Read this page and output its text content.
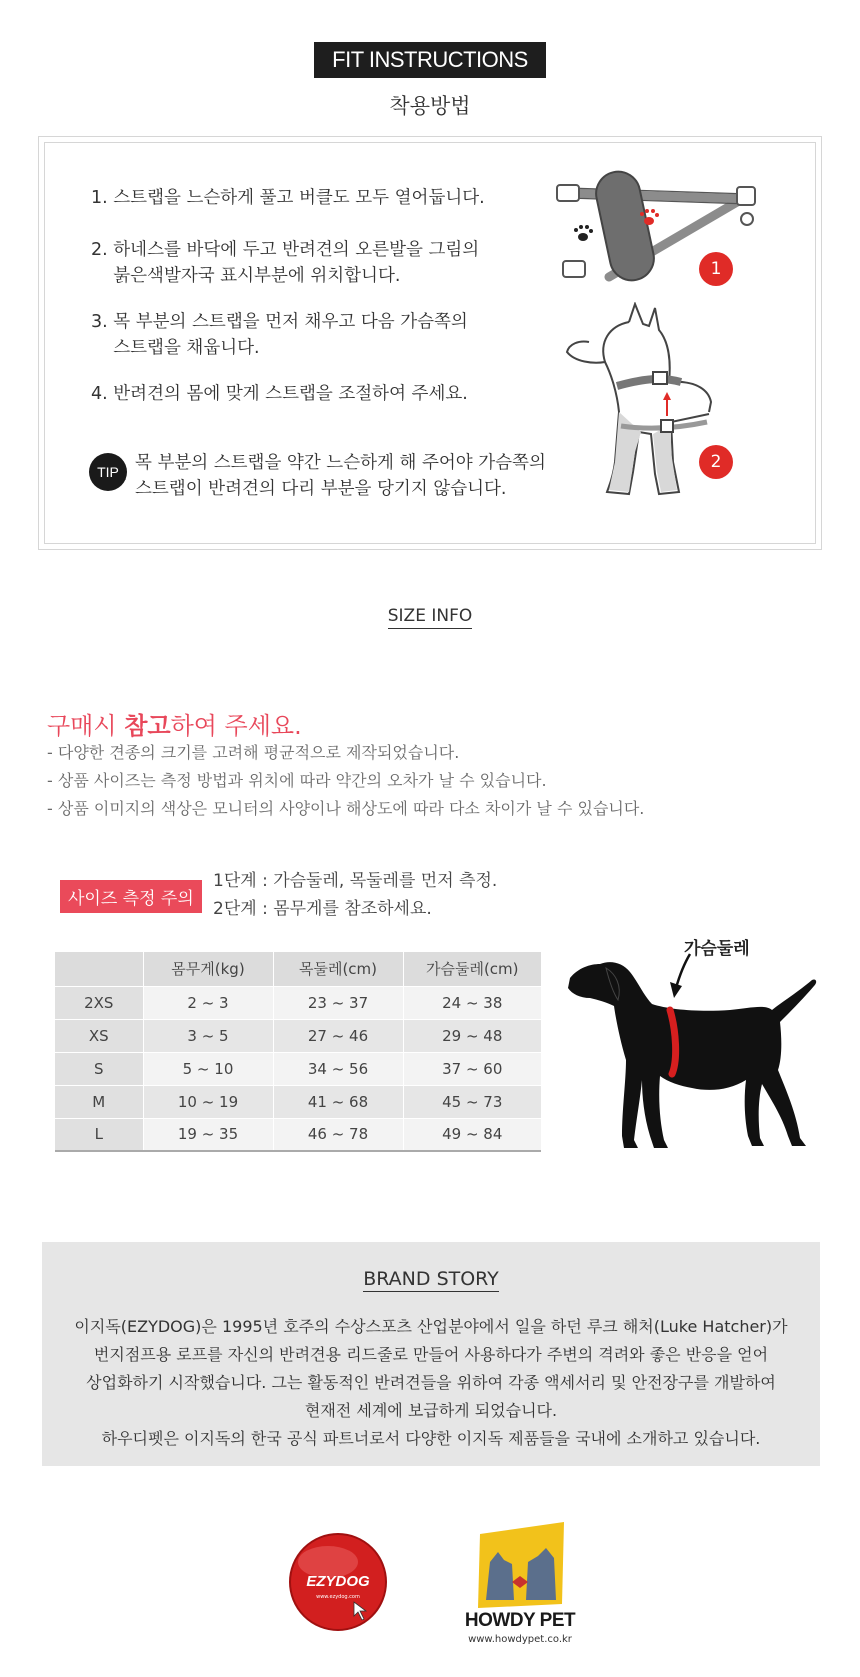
FIT INSTRUCTIONS
착용방법
1. 스트랩을 느슨하게 풀고 버클도 모두 열어둡니다.
2. 하네스를 바닥에 두고 반려견의 오른발을 그림의
붉은색발자국 표시부분에 위치합니다.
3. 목 부분의 스트랩을 먼저 채우고 다음 가슴쪽의
스트랩을 채웁니다.
4. 반려견의 몸에 맞게 스트랩을 조절하여 주세요.
TIP 목 부분의 스트랩을 약간 느슨하게 해 주어야 가슴쪽의
스트랩이 반려견의 다리 부분을 당기지 않습니다.
1
2
SIZE INFO
구매시 참고하여 주세요.
- 다양한 견종의 크기를 고려해 평균적으로 제작되었습니다.
- 상품 사이즈는 측정 방법과 위치에 따라 약간의 오차가 날 수 있습니다.
- 상품 이미지의 색상은 모니터의 사양이나 해상도에 따라 다소 차이가 날 수 있습니다.
사이즈 측정 주의
1단계 : 가슴둘레, 목둘레를 먼저 측정.
2단계 : 몸무게를 참조하세요.
	몸무게(kg)	목둘레(cm)	가슴둘레(cm)
2XS	2 ~ 3	23 ~ 37	24 ~ 38
XS	3 ~ 5	27 ~ 46	29 ~ 48
S	5 ~ 10	34 ~ 56	37 ~ 60
M	10 ~ 19	41 ~ 68	45 ~ 73
L	19 ~ 35	46 ~ 78	49 ~ 84
가슴둘레
BRAND STORY
이지독(EZYDOG)은 1995년 호주의 수상스포츠 산업분야에서 일을 하던 루크 해처(Luke Hatcher)가
번지점프용 로프를 자신의 반려견용 리드줄로 만들어 사용하다가 주변의 격려와 좋은 반응을 얻어
상업화하기 시작했습니다. 그는 활동적인 반려견들을 위하여 각종 액세서리 및 안전장구를 개발하여
현재전 세계에 보급하게 되었습니다.
하우디펫은 이지독의 한국 공식 파트너로서 다양한 이지독 제품들을 국내에 소개하고 있습니다.
EZYDOG
www.ezydog.com
HOWDY PET
www.howdypet.co.kr
